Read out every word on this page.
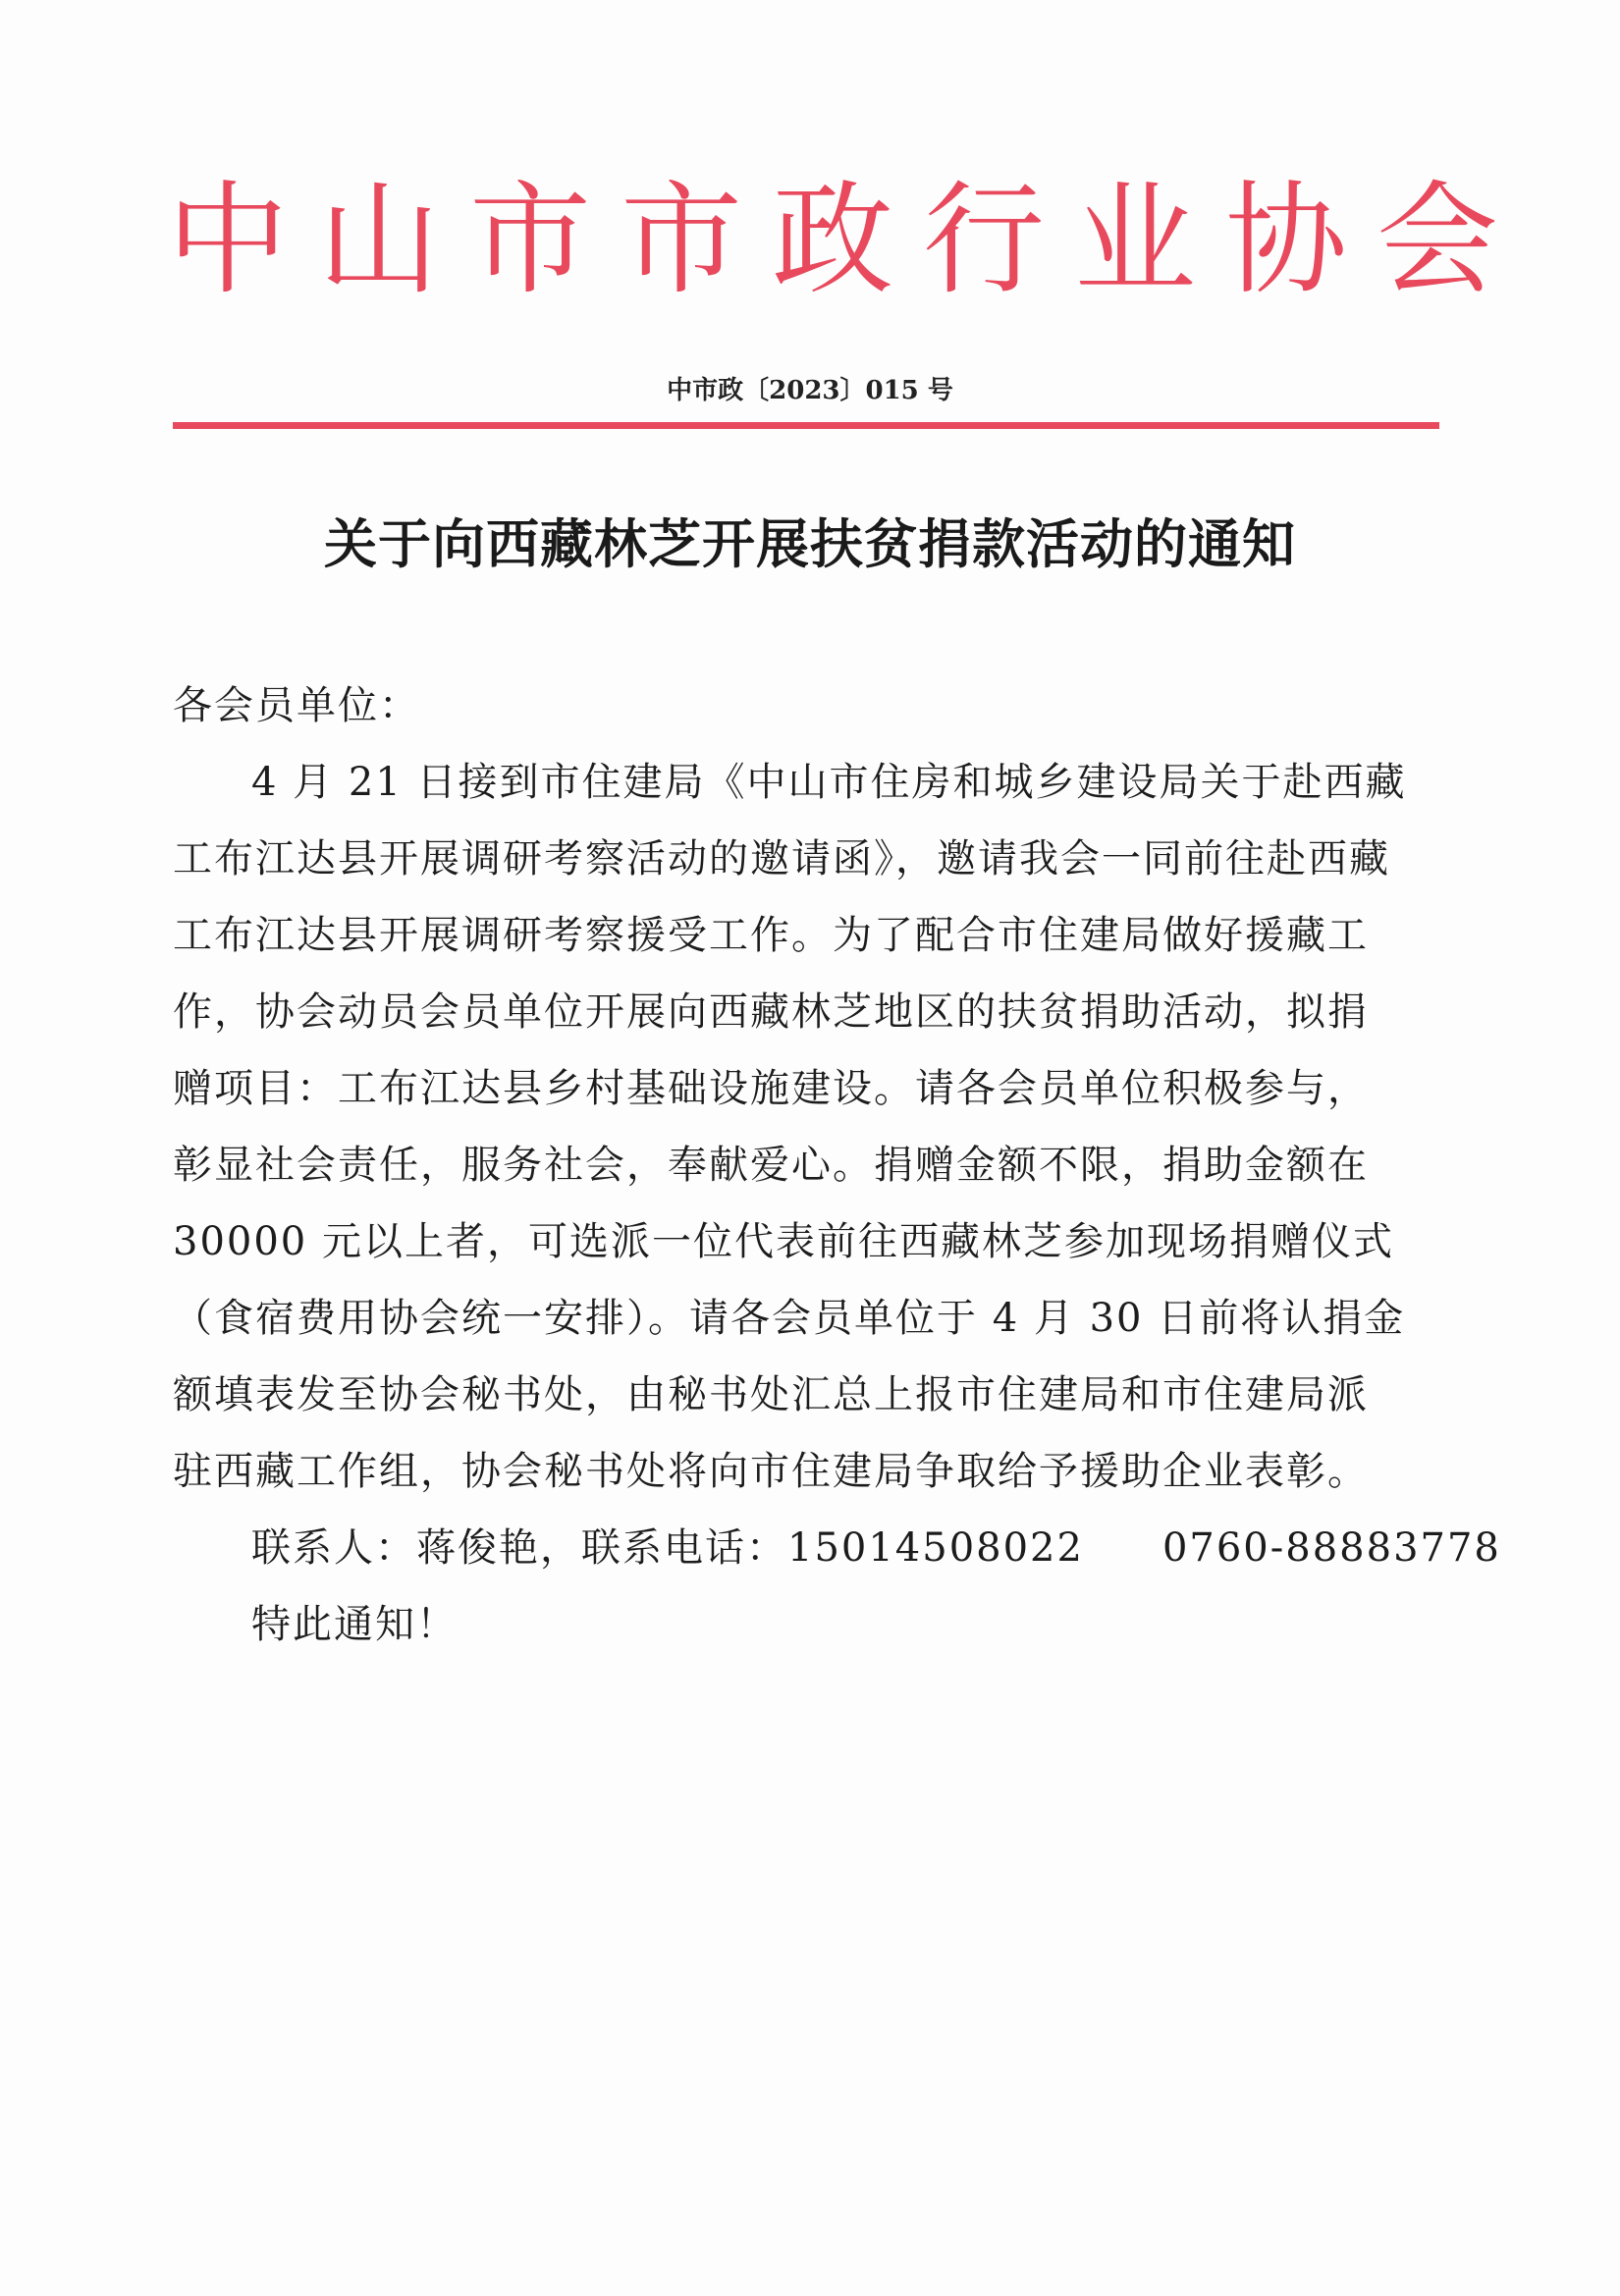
中山市市政行业协会
中市政〔2023〕015 号
关于向西藏林芝开展扶贫捐款活动的通知
各会员单位：
4 月 21 日接到市住建局《中山市住房和城乡建设局关于赴西藏
工布江达县开展调研考察活动的邀请函》，邀请我会一同前往赴西藏
工布江达县开展调研考察援受工作。为了配合市住建局做好援藏工
作，协会动员会员单位开展向西藏林芝地区的扶贫捐助活动，拟捐
赠项目：工布江达县乡村基础设施建设。请各会员单位积极参与，
彰显社会责任，服务社会，奉献爱心。捐赠金额不限，捐助金额在
30000 元以上者，可选派一位代表前往西藏林芝参加现场捐赠仪式
（食宿费用协会统一安排）。请各会员单位于 4 月 30 日前将认捐金
额填表发至协会秘书处，由秘书处汇总上报市住建局和市住建局派
驻西藏工作组，协会秘书处将向市住建局争取给予援助企业表彰。
联系人：蒋俊艳，联系电话：15014508022 0760-88883778
特此通知！
